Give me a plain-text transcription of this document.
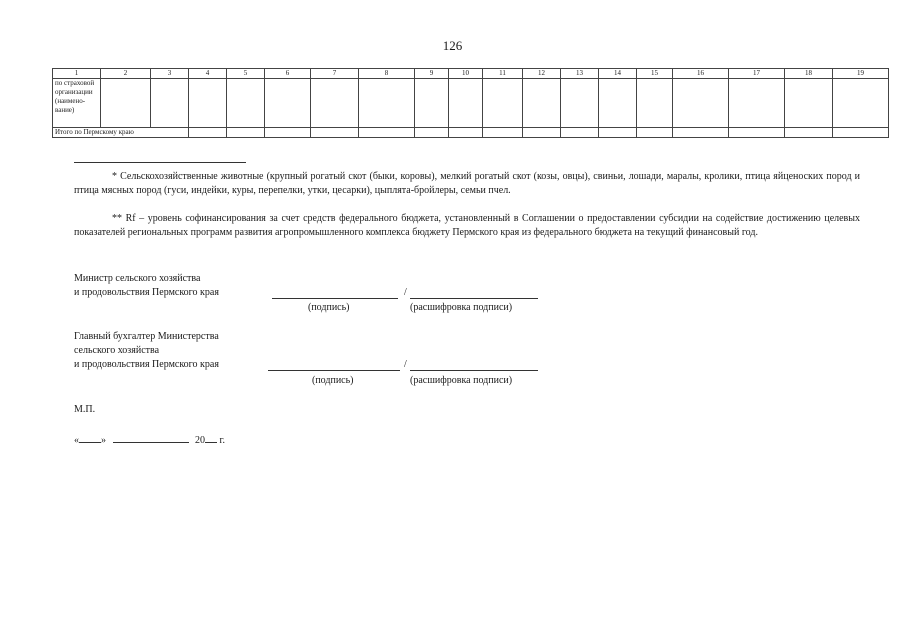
126
1	2	3	4	5	6	7	8	9	10	11	12	13	14	15	16	17	18	19	

по страховой
организации
(наимено-
вание)																			

Итого по Пермскому краю																			
* Сельскохозяйственные животные (крупный рогатый скот (быки, коровы), мелкий рогатый скот (козы, овцы), свиньи, лошади, маралы, кролики, птица яйценоских пород и птица мясных пород (гуси, индейки, куры, перепелки, утки, цесарки), цыплята-бройлеры, семьи пчел.
** Rf – уровень софинансирования за счет средств федерального бюджета, установленный в Соглашении о предоставлении субсидии на содействие достижению целевых показателей региональных программ развития агропромышленного комплекса бюджету Пермского края из федерального бюджета на текущий финансовый год.
Министр сельского хозяйства
и продовольствия Пермского края	/
(подпись)	(расшифровка подписи)
Главный бухгалтер Министерства
сельского хозяйства
и продовольствия Пермского края	/
(подпись)	(расшифровка подписи)
М.П.
« »	20 г.
